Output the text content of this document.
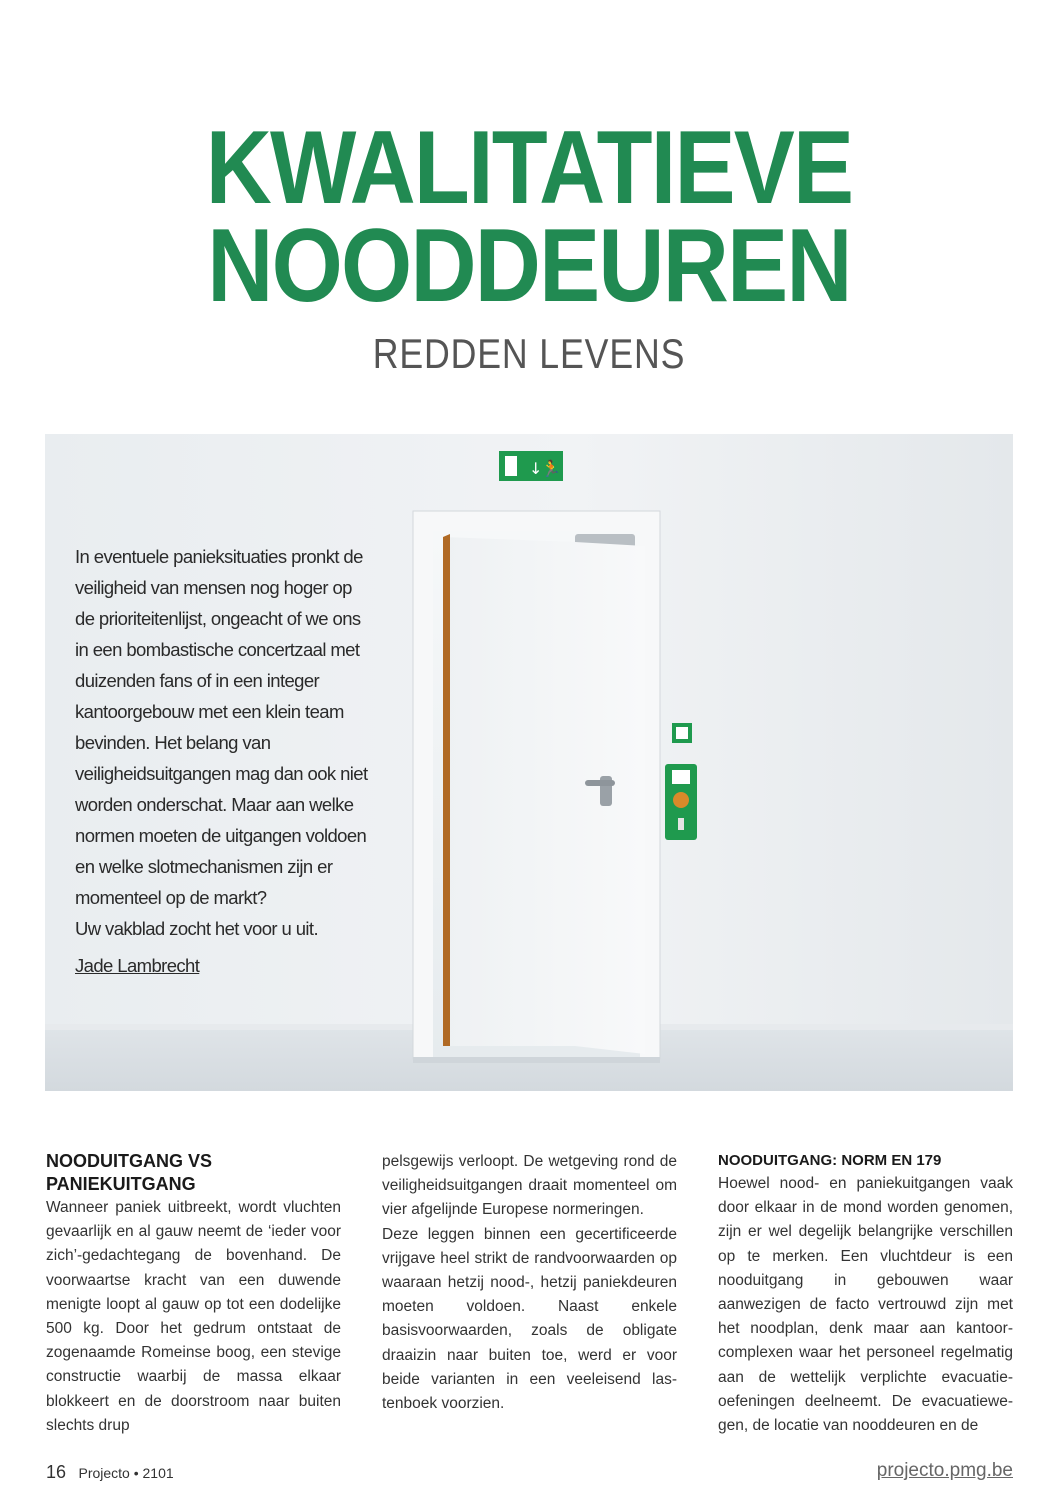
KWALITATIEVE
NOODDEUREN
REDDEN LEVENS
↓
🏃

In eventuele panieksituaties pronkt de veiligheid van mensen nog hoger op de prioriteitenlijst, ongeacht of we ons in een bombastische concertzaal met duizenden fans of in een integer kantoorgebouw met een klein team bevinden. Het belang van veiligheidsuitgangen mag dan ook niet worden onderschat. Maar aan welke normen moeten de uitgangen voldoen en welke slotmechanismen zijn er momenteel op de markt?

Uw vakblad zocht het voor u uit.

Jade Lambrecht

NOODUITGANG VS PANIEKUITGANG

Wanneer paniek uitbreekt, wordt vluchten gevaarlijk en al gauw neemt de ‘ieder voor zich’-gedachtegang de bovenhand. De voorwaartse kracht van een duwende menigte loopt al gauw op tot een dodelijke 500 kg. Door het gedrum ontstaat de zogenaamde Romeinse boog, een stevige constructie waarbij de massa elkaar blokkeert en de doorstroom naar buiten slechts drup

pelsgewijs verloopt. De wetgeving rond de veiligheidsuitgangen draait momenteel om vier afgelijnde Europese normeringen.

Deze leggen binnen een gecertificeerde vrijgave heel strikt de randvoorwaarden op waaraan hetzij nood-, hetzij paniekdeuren moeten voldoen. Naast enkele basisvoorwaarden, zoals de obligate draaizin naar buiten toe, werd er voor beide varianten in een veeleisend lastenboek voorzien.

NOODUITGANG: NORM EN 179

Hoewel nood- en paniekuitgangen vaak door elkaar in de mond worden genomen, zijn er wel degelijk belangrijke verschillen op te merken. Een vluchtdeur is een nooduitgang in gebouwen waar aanwezigen de facto vertrouwd zijn met het noodplan, denk maar aan kantoorcomplexen waar het personeel regelmatig aan de wettelijk verplichte evacuatieoefeningen deelneemt. De evacuatiewegen, de locatie van nooddeuren en de

16 Projecto • 2101	projecto.pmg.be
